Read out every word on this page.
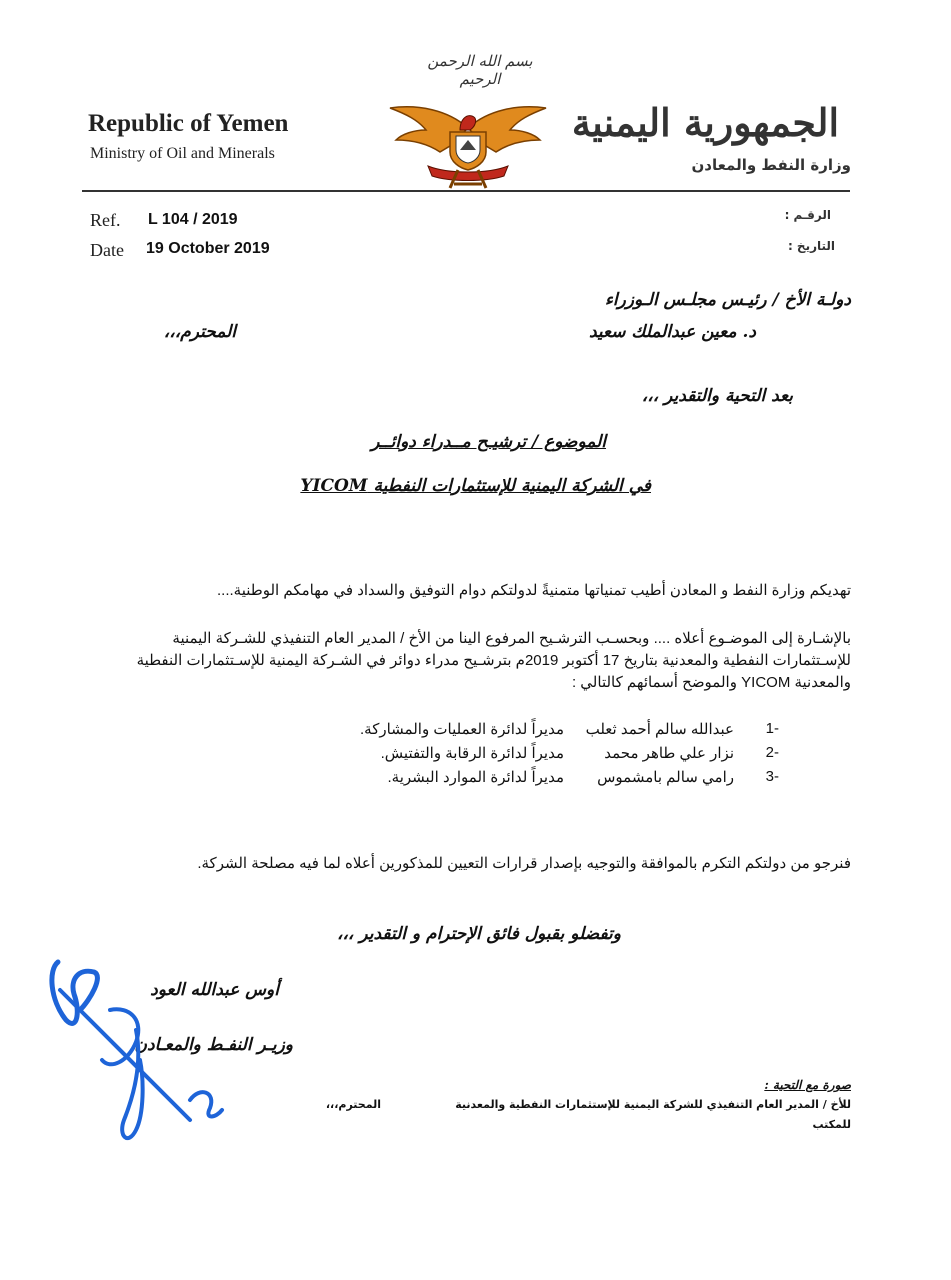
بسم الله الرحمن الرحيم
Republic of Yemen
Ministry of Oil and Minerals
الجمهورية اليمنية
وزارة النفط والمعادن
Ref. L 104 / 2019
Date 19 October 2019
الرقـم :
التاريخ :
دولـة الأخ / رئيـس مجلـس الـوزراء
د. معين عبدالملك سعيد
المحترم،،،
بعد التحية والتقدير ،،،
الموضوع / ترشيـح مــدراء دوائــر
في الشركة اليمنية للإستثمارات النفطية YICOM
تهديكم وزارة النفط و المعادن أطيب تمنياتها متمنيةً لدولتكم دوام التوفيق والسداد في مهامكم الوطنية....
بالإشـارة إلى الموضـوع أعلاه .... وبحسـب الترشـيح المرفوع الينا من الأخ / المدير العام التنفيذي للشـركة اليمنية للإسـتثمارات النفطية والمعدنية بتاريخ 17 أكتوبر 2019م بترشـيح مدراء دوائر في الشـركة اليمنية للإسـتثمارات النفطية والمعدنية YICOM والموضح أسمائهم كالتالي :
1-
عبدالله سالم أحمد ثعلب
مديراً لدائرة العمليات والمشاركة.
2-
نزار علي طاهر محمد
مديراً لدائرة الرقابة والتفتيش.
3-
رامي سالم بامشموس
مديراً لدائرة الموارد البشرية.
فنرجو من دولتكم التكرم بالموافقة والتوجيه بإصدار قرارات التعيين للمذكورين أعلاه لما فيه مصلحة الشركة.
وتفضلو بقبول فائق الإحترام و التقدير ،،،
أوس عبدالله العود
وزيـر النفـط والمعـادن
صورة مع التحية :
للأخ / المدير العام التنفيذي للشركة اليمنية للإستثمارات النفطية والمعدنية
المحترم،،،
للمكتب
